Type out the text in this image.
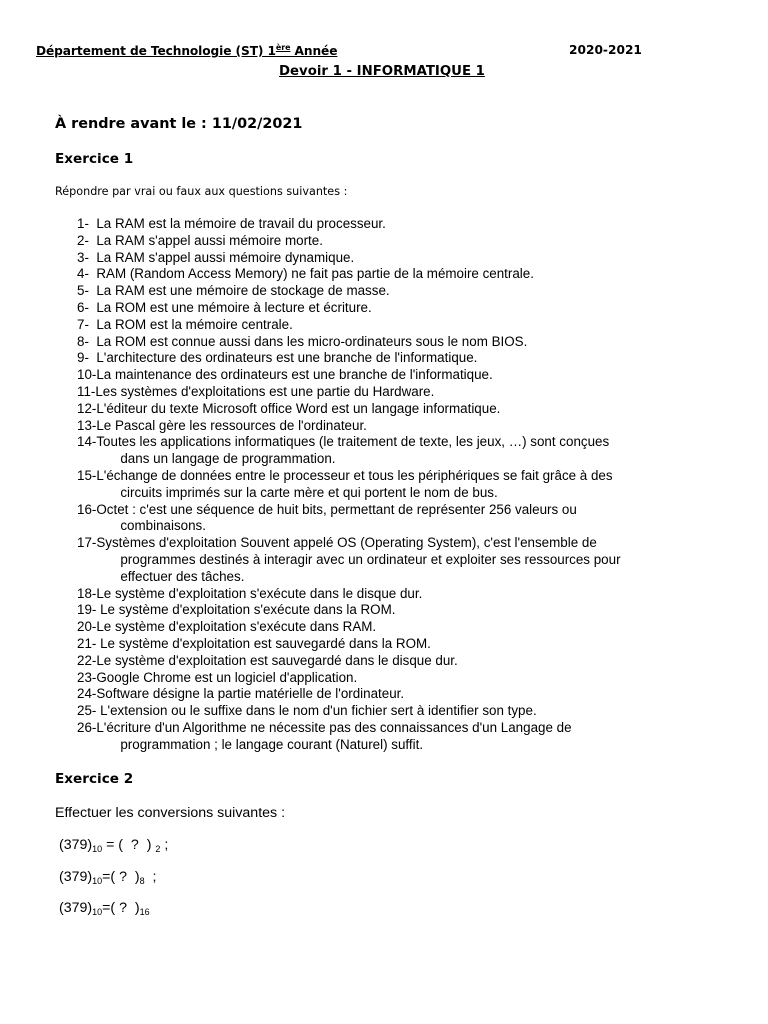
Département de Technologie (ST) 1ère Année	2020-2021
Devoir 1 - INFORMATIQUE 1
À rendre avant le : 11/02/2021
Exercice 1
Répondre par vrai ou faux aux questions suivantes :
1- La RAM est la mémoire de travail du processeur.
2- La RAM s'appel aussi mémoire morte.
3- La RAM s'appel aussi mémoire dynamique.
4- RAM (Random Access Memory) ne fait pas partie de la mémoire centrale.
5- La RAM est une mémoire de stockage de masse.
6- La ROM est une mémoire à lecture et écriture.
7- La ROM est la mémoire centrale.
8- La ROM est connue aussi dans les micro-ordinateurs sous le nom BIOS.
9- L'architecture des ordinateurs est une branche de l'informatique.
10- La maintenance des ordinateurs est une branche de l'informatique.
11- Les systèmes d'exploitations est une partie du Hardware.
12- L'éditeur du texte Microsoft office Word est un langage informatique.
13- Le Pascal gère les ressources de l'ordinateur.
14- Toutes les applications informatiques (le traitement de texte, les jeux, …) sont conçues
dans un langage de programmation.
15- L'échange de données entre le processeur et tous les périphériques se fait grâce à des
circuits imprimés sur la carte mère et qui portent le nom de bus.
16- Octet : c'est une séquence de huit bits, permettant de représenter 256 valeurs ou
combinaisons.
17- Systèmes d'exploitation Souvent appelé OS (Operating System), c'est l'ensemble de
programmes destinés à interagir avec un ordinateur et exploiter ses ressources pour
effectuer des tâches.
18- Le système d'exploitation s'exécute dans le disque dur.
19- Le système d'exploitation s'exécute dans la ROM.
20- Le système d'exploitation s'exécute dans RAM.
21- Le système d'exploitation est sauvegardé dans la ROM.
22- Le système d'exploitation est sauvegardé dans le disque dur.
23- Google Chrome est un logiciel d'application.
24- Software désigne la partie matérielle de l'ordinateur.
25- L'extension ou le suffixe dans le nom d'un fichier sert à identifier son type.
26- L'écriture d'un Algorithme ne nécessite pas des connaissances d'un Langage de
programmation ; le langage courant (Naturel) suffit.
Exercice 2
Effectuer les conversions suivantes :
$(379)_{10}$ = (  ?  ) $_2$ ;
$(379)_{10}=$( ?  )$_8$  ;
$(379)_{10}=$( ?  )$_{16}$
